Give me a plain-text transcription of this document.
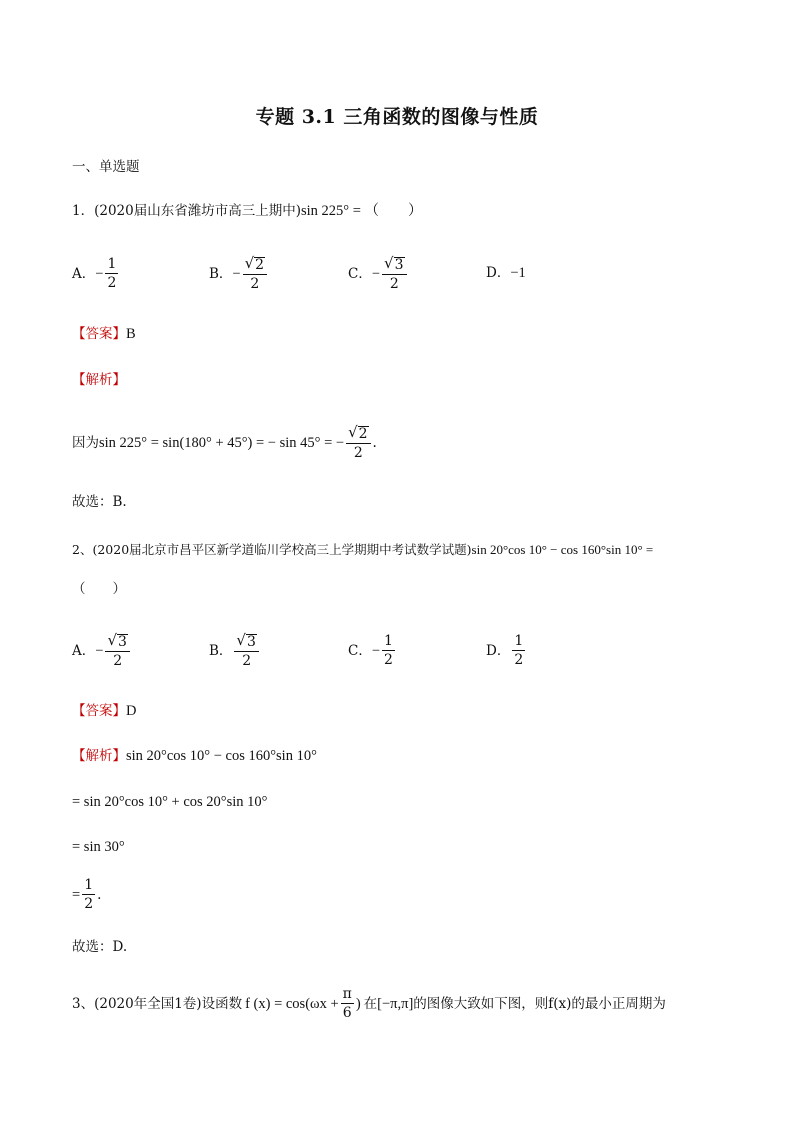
专题 3.1 三角函数的图像与性质
一、单选题
1．(2020届山东省潍坊市高三上期中)sin 225° = （　　）
A． − $\frac{1}{2}$	B． − $\frac{√2}{2}$	C． − $\frac{√3}{2}$	D． −1
【答案】B
【解析】
因为 sin 225° = sin(180° + 45°) = − sin 45° = − $\frac{√2}{2}$ .
故选：B.
2、(2020届北京市昌平区新学道临川学校高三上学期期中考试数学试题)sin 20°cos 10° − cos 160°sin 10° =
（　　）
A． − $\frac{√3}{2}$	B． $\frac{√3}{2}$	C． − $\frac{1}{2}$	D． $\frac{1}{2}$
【答案】D
【解析】sin 20°cos 10° − cos 160°sin 10°
= sin 20°cos 10° + cos 20°sin 10°
= sin 30°
= $\frac{1}{2}$ .
故选：D.
3、(2020年全国1卷)设函数 f $(x) = \cos(\omega x + \frac{\pi}{6}$ ) 在 [−π,π] 的图像大致如下图，则f(x)的最小正周期为
